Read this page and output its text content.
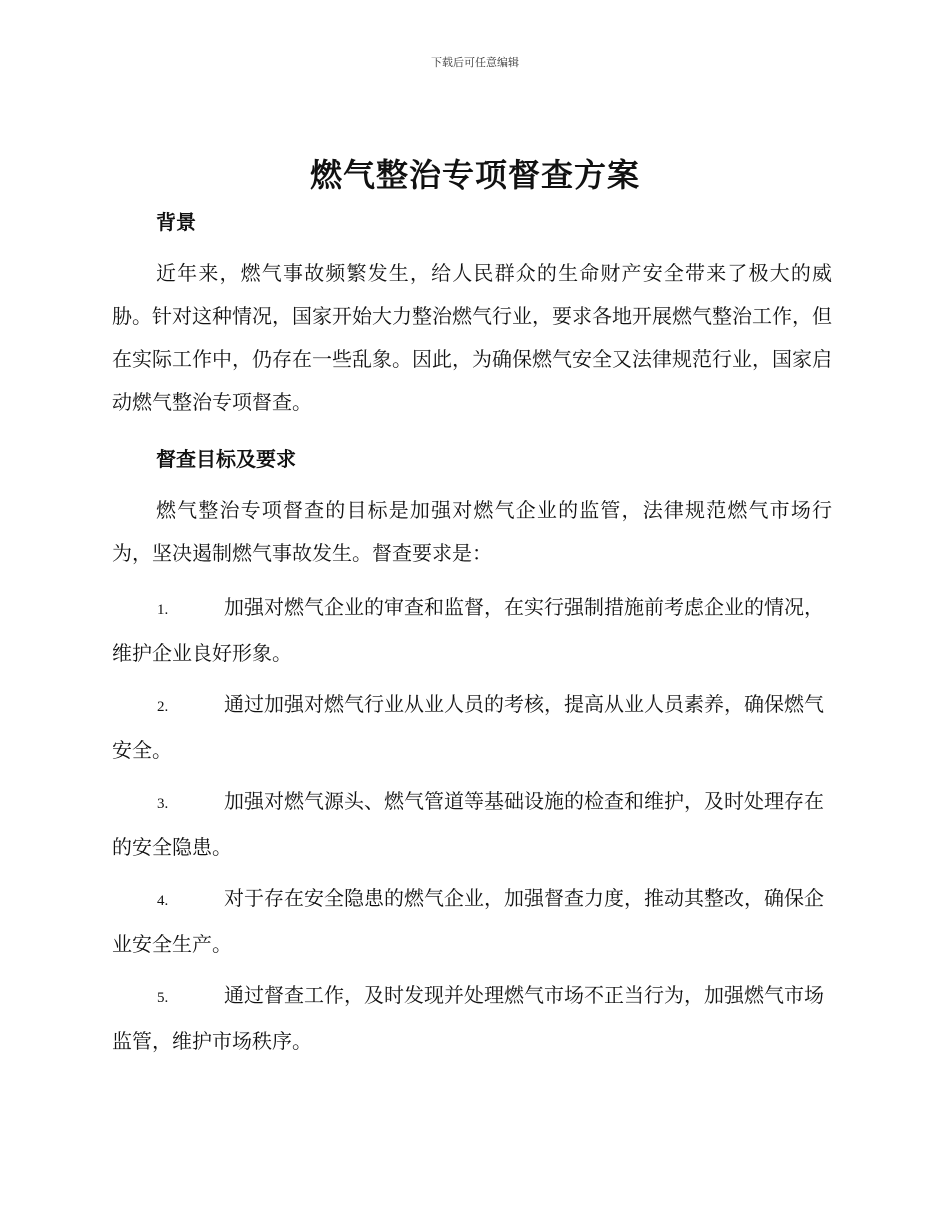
下载后可任意编辑
燃气整治专项督查方案
背景
近年来，燃气事故频繁发生，给人民群众的生命财产安全带来了极大的威胁。针对这种情况，国家开始大力整治燃气行业，要求各地开展燃气整治工作，但在实际工作中，仍存在一些乱象。因此，为确保燃气安全又法律规范行业，国家启动燃气整治专项督查。
督查目标及要求
燃气整治专项督查的目标是加强对燃气企业的监管，法律规范燃气市场行为，坚决遏制燃气事故发生。督查要求是：
1.	加强对燃气企业的审查和监督，在实行强制措施前考虑企业的情况，维护企业良好形象。
2.	通过加强对燃气行业从业人员的考核，提高从业人员素养，确保燃气安全。
3.	加强对燃气源头、燃气管道等基础设施的检查和维护，及时处理存在的安全隐患。
4.	对于存在安全隐患的燃气企业，加强督查力度，推动其整改，确保企业安全生产。
5.	通过督查工作，及时发现并处理燃气市场不正当行为，加强燃气市场监管，维护市场秩序。
